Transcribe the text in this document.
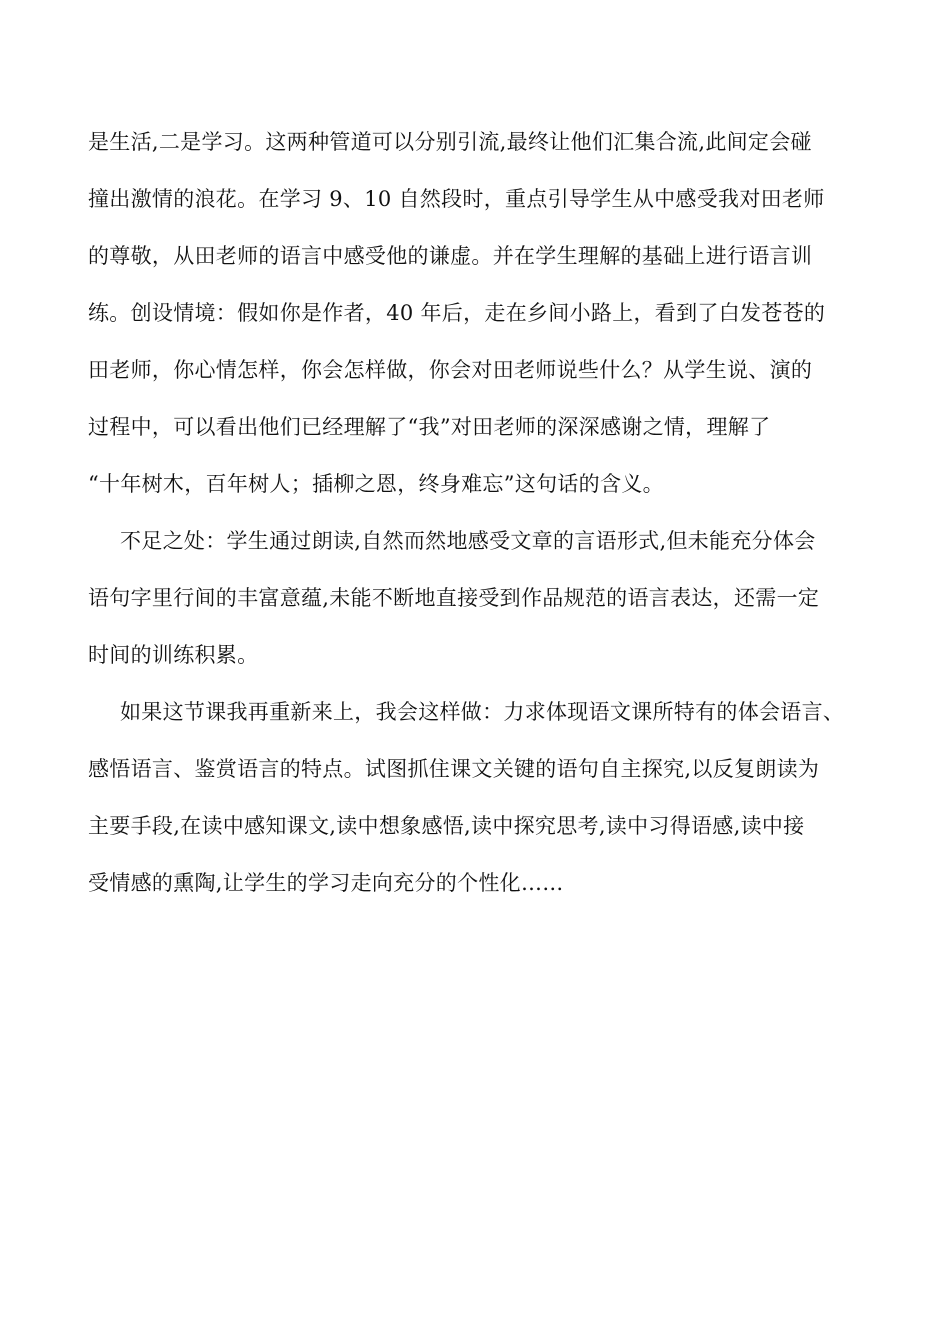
是生活,二是学习。这两种管道可以分别引流,最终让他们汇集合流,此间定会碰
撞出激情的浪花。在学习 9、10 自然段时，重点引导学生从中感受我对田老师
的尊敬，从田老师的语言中感受他的谦虚。并在学生理解的基础上进行语言训
练。创设情境：假如你是作者，40 年后，走在乡间小路上，看到了白发苍苍的
田老师，你心情怎样，你会怎样做，你会对田老师说些什么？从学生说、演的
过程中，可以看出他们已经理解了“我”对田老师的深深感谢之情，理解了
“十年树木，百年树人；插柳之恩，终身难忘”这句话的含义。
不足之处：学生通过朗读,自然而然地感受文章的言语形式,但未能充分体会
语句字里行间的丰富意蕴,未能不断地直接受到作品规范的语言表达，还需一定
时间的训练积累。
如果这节课我再重新来上，我会这样做：力求体现语文课所特有的体会语言、
感悟语言、鉴赏语言的特点。试图抓住课文关键的语句自主探究,以反复朗读为
主要手段,在读中感知课文,读中想象感悟,读中探究思考,读中习得语感,读中接
受情感的熏陶,让学生的学习走向充分的个性化……
